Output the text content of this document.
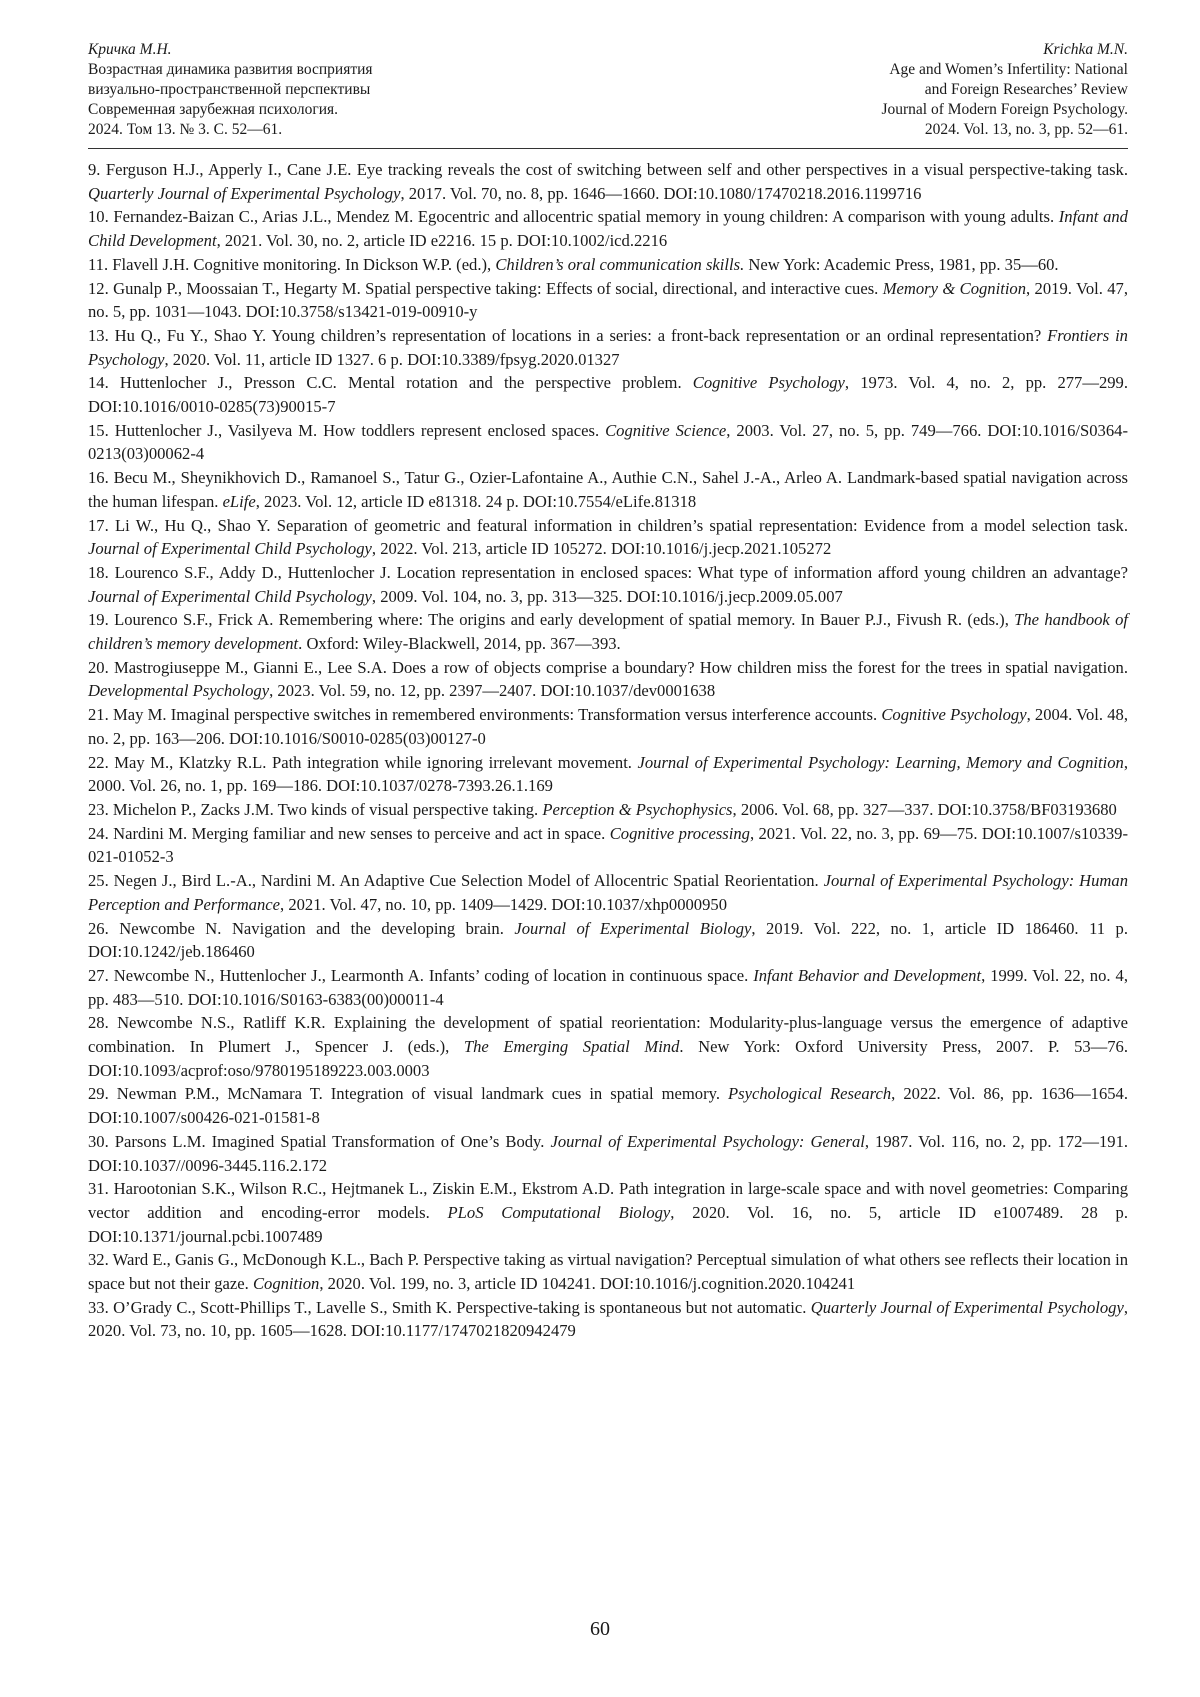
Кричка М.Н.
Возрастная динамика развития восприятия
визуально-пространственной перспективы
Современная зарубежная психология.
2024. Том 13. № 3. С. 52—61.
Krichka M.N.
Age and Women’s Infertility: National
and Foreign Researches’ Review
Journal of Modern Foreign Psychology.
2024. Vol. 13, no. 3, pp. 52—61.

9. Ferguson H.J., Apperly I., Cane J.E. Eye tracking reveals the cost of switching between self and other perspectives in a visual perspective-taking task. Quarterly Journal of Experimental Psychology, 2017. Vol. 70, no. 8, pp. 1646—1660. DOI:10.1080/17470218.2016.1199716

10. Fernandez-Baizan C., Arias J.L., Mendez M. Egocentric and allocentric spatial memory in young children: A comparison with young adults. Infant and Child Development, 2021. Vol. 30, no. 2, article ID e2216. 15 p. DOI:10.1002/icd.2216

11. Flavell J.H. Cognitive monitoring. In Dickson W.P. (ed.), Children’s oral communication skills. New York: Academic Press, 1981, pp. 35—60.

12. Gunalp P., Moossaian T., Hegarty M. Spatial perspective taking: Effects of social, directional, and interactive cues. Memory & Cognition, 2019. Vol. 47, no. 5, pp. 1031—1043. DOI:10.3758/s13421-019-00910-y

13. Hu Q., Fu Y., Shao Y. Young children’s representation of locations in a series: a front-back representation or an ordinal representation? Frontiers in Psychology, 2020. Vol. 11, article ID 1327. 6 p. DOI:10.3389/fpsyg.2020.01327

14. Huttenlocher J., Presson C.C. Mental rotation and the perspective problem. Cognitive Psychology, 1973. Vol. 4, no. 2, pp. 277—299. DOI:10.1016/0010-0285(73)90015-7

15. Huttenlocher J., Vasilyeva M. How toddlers represent enclosed spaces. Cognitive Science, 2003. Vol. 27, no. 5, pp. 749—766. DOI:10.1016/S0364-0213(03)00062-4

16. Becu M., Sheynikhovich D., Ramanoel S., Tatur G., Ozier-Lafontaine A., Authie C.N., Sahel J.-A., Arleo A. Landmark-based spatial navigation across the human lifespan. eLife, 2023. Vol. 12, article ID e81318. 24 p. DOI:10.7554/eLife.81318

17. Li W., Hu Q., Shao Y. Separation of geometric and featural information in children’s spatial representation: Evidence from a model selection task. Journal of Experimental Child Psychology, 2022. Vol. 213, article ID 105272. DOI:10.1016/j.jecp.2021.105272

18. Lourenco S.F., Addy D., Huttenlocher J. Location representation in enclosed spaces: What type of information afford young children an advantage? Journal of Experimental Child Psychology, 2009. Vol. 104, no. 3, pp. 313—325. DOI:10.1016/j.jecp.2009.05.007

19. Lourenco S.F., Frick A. Remembering where: The origins and early development of spatial memory. In Bauer P.J., Fivush R. (eds.), The handbook of children’s memory development. Oxford: Wiley-Blackwell, 2014, pp. 367—393.

20. Mastrogiuseppe M., Gianni E., Lee S.A. Does a row of objects comprise a boundary? How children miss the forest for the trees in spatial navigation. Developmental Psychology, 2023. Vol. 59, no. 12, pp. 2397—2407. DOI:10.1037/dev0001638

21. May M. Imaginal perspective switches in remembered environments: Transformation versus interference accounts. Cognitive Psychology, 2004. Vol. 48, no. 2, pp. 163—206. DOI:10.1016/S0010-0285(03)00127-0

22. May M., Klatzky R.L. Path integration while ignoring irrelevant movement. Journal of Experimental Psychology: Learning, Memory and Cognition, 2000. Vol. 26, no. 1, pp. 169—186. DOI:10.1037/0278-7393.26.1.169

23. Michelon P., Zacks J.M. Two kinds of visual perspective taking. Perception & Psychophysics, 2006. Vol. 68, pp. 327—337. DOI:10.3758/BF03193680

24. Nardini M. Merging familiar and new senses to perceive and act in space. Cognitive processing, 2021. Vol. 22, no. 3, pp. 69—75. DOI:10.1007/s10339-021-01052-3

25. Negen J., Bird L.-A., Nardini M. An Adaptive Cue Selection Model of Allocentric Spatial Reorientation. Journal of Experimental Psychology: Human Perception and Performance, 2021. Vol. 47, no. 10, pp. 1409—1429. DOI:10.1037/xhp0000950

26. Newcombe N. Navigation and the developing brain. Journal of Experimental Biology, 2019. Vol. 222, no. 1, article ID 186460. 11 p. DOI:10.1242/jeb.186460

27. Newcombe N., Huttenlocher J., Learmonth A. Infants’ coding of location in continuous space. Infant Behavior and Development, 1999. Vol. 22, no. 4, pp. 483—510. DOI:10.1016/S0163-6383(00)00011-4

28. Newcombe N.S., Ratliff K.R. Explaining the development of spatial reorientation: Modularity-plus-language versus the emergence of adaptive combination. In Plumert J., Spencer J. (eds.), The Emerging Spatial Mind. New York: Oxford University Press, 2007. P. 53—76. DOI:10.1093/acprof:oso/9780195189223.003.0003

29. Newman P.M., McNamara T. Integration of visual landmark cues in spatial memory. Psychological Research, 2022. Vol. 86, pp. 1636—1654. DOI:10.1007/s00426-021-01581-8

30. Parsons L.M. Imagined Spatial Transformation of One’s Body. Journal of Experimental Psychology: General, 1987. Vol. 116, no. 2, pp. 172—191. DOI:10.1037//0096-3445.116.2.172

31. Harootonian S.K., Wilson R.C., Hejtmanek L., Ziskin E.M., Ekstrom A.D. Path integration in large-scale space and with novel geometries: Comparing vector addition and encoding-error models. PLoS Computational Biology, 2020. Vol. 16, no. 5, article ID e1007489. 28 p. DOI:10.1371/journal.pcbi.1007489

32. Ward E., Ganis G., McDonough K.L., Bach P. Perspective taking as virtual navigation? Perceptual simulation of what others see reflects their location in space but not their gaze. Cognition, 2020. Vol. 199, no. 3, article ID 104241. DOI:10.1016/j.cognition.2020.104241

33. O’Grady C., Scott-Phillips T., Lavelle S., Smith K. Perspective-taking is spontaneous but not automatic. Quarterly Journal of Experimental Psychology, 2020. Vol. 73, no. 10, pp. 1605—1628. DOI:10.1177/1747021820942479

60
